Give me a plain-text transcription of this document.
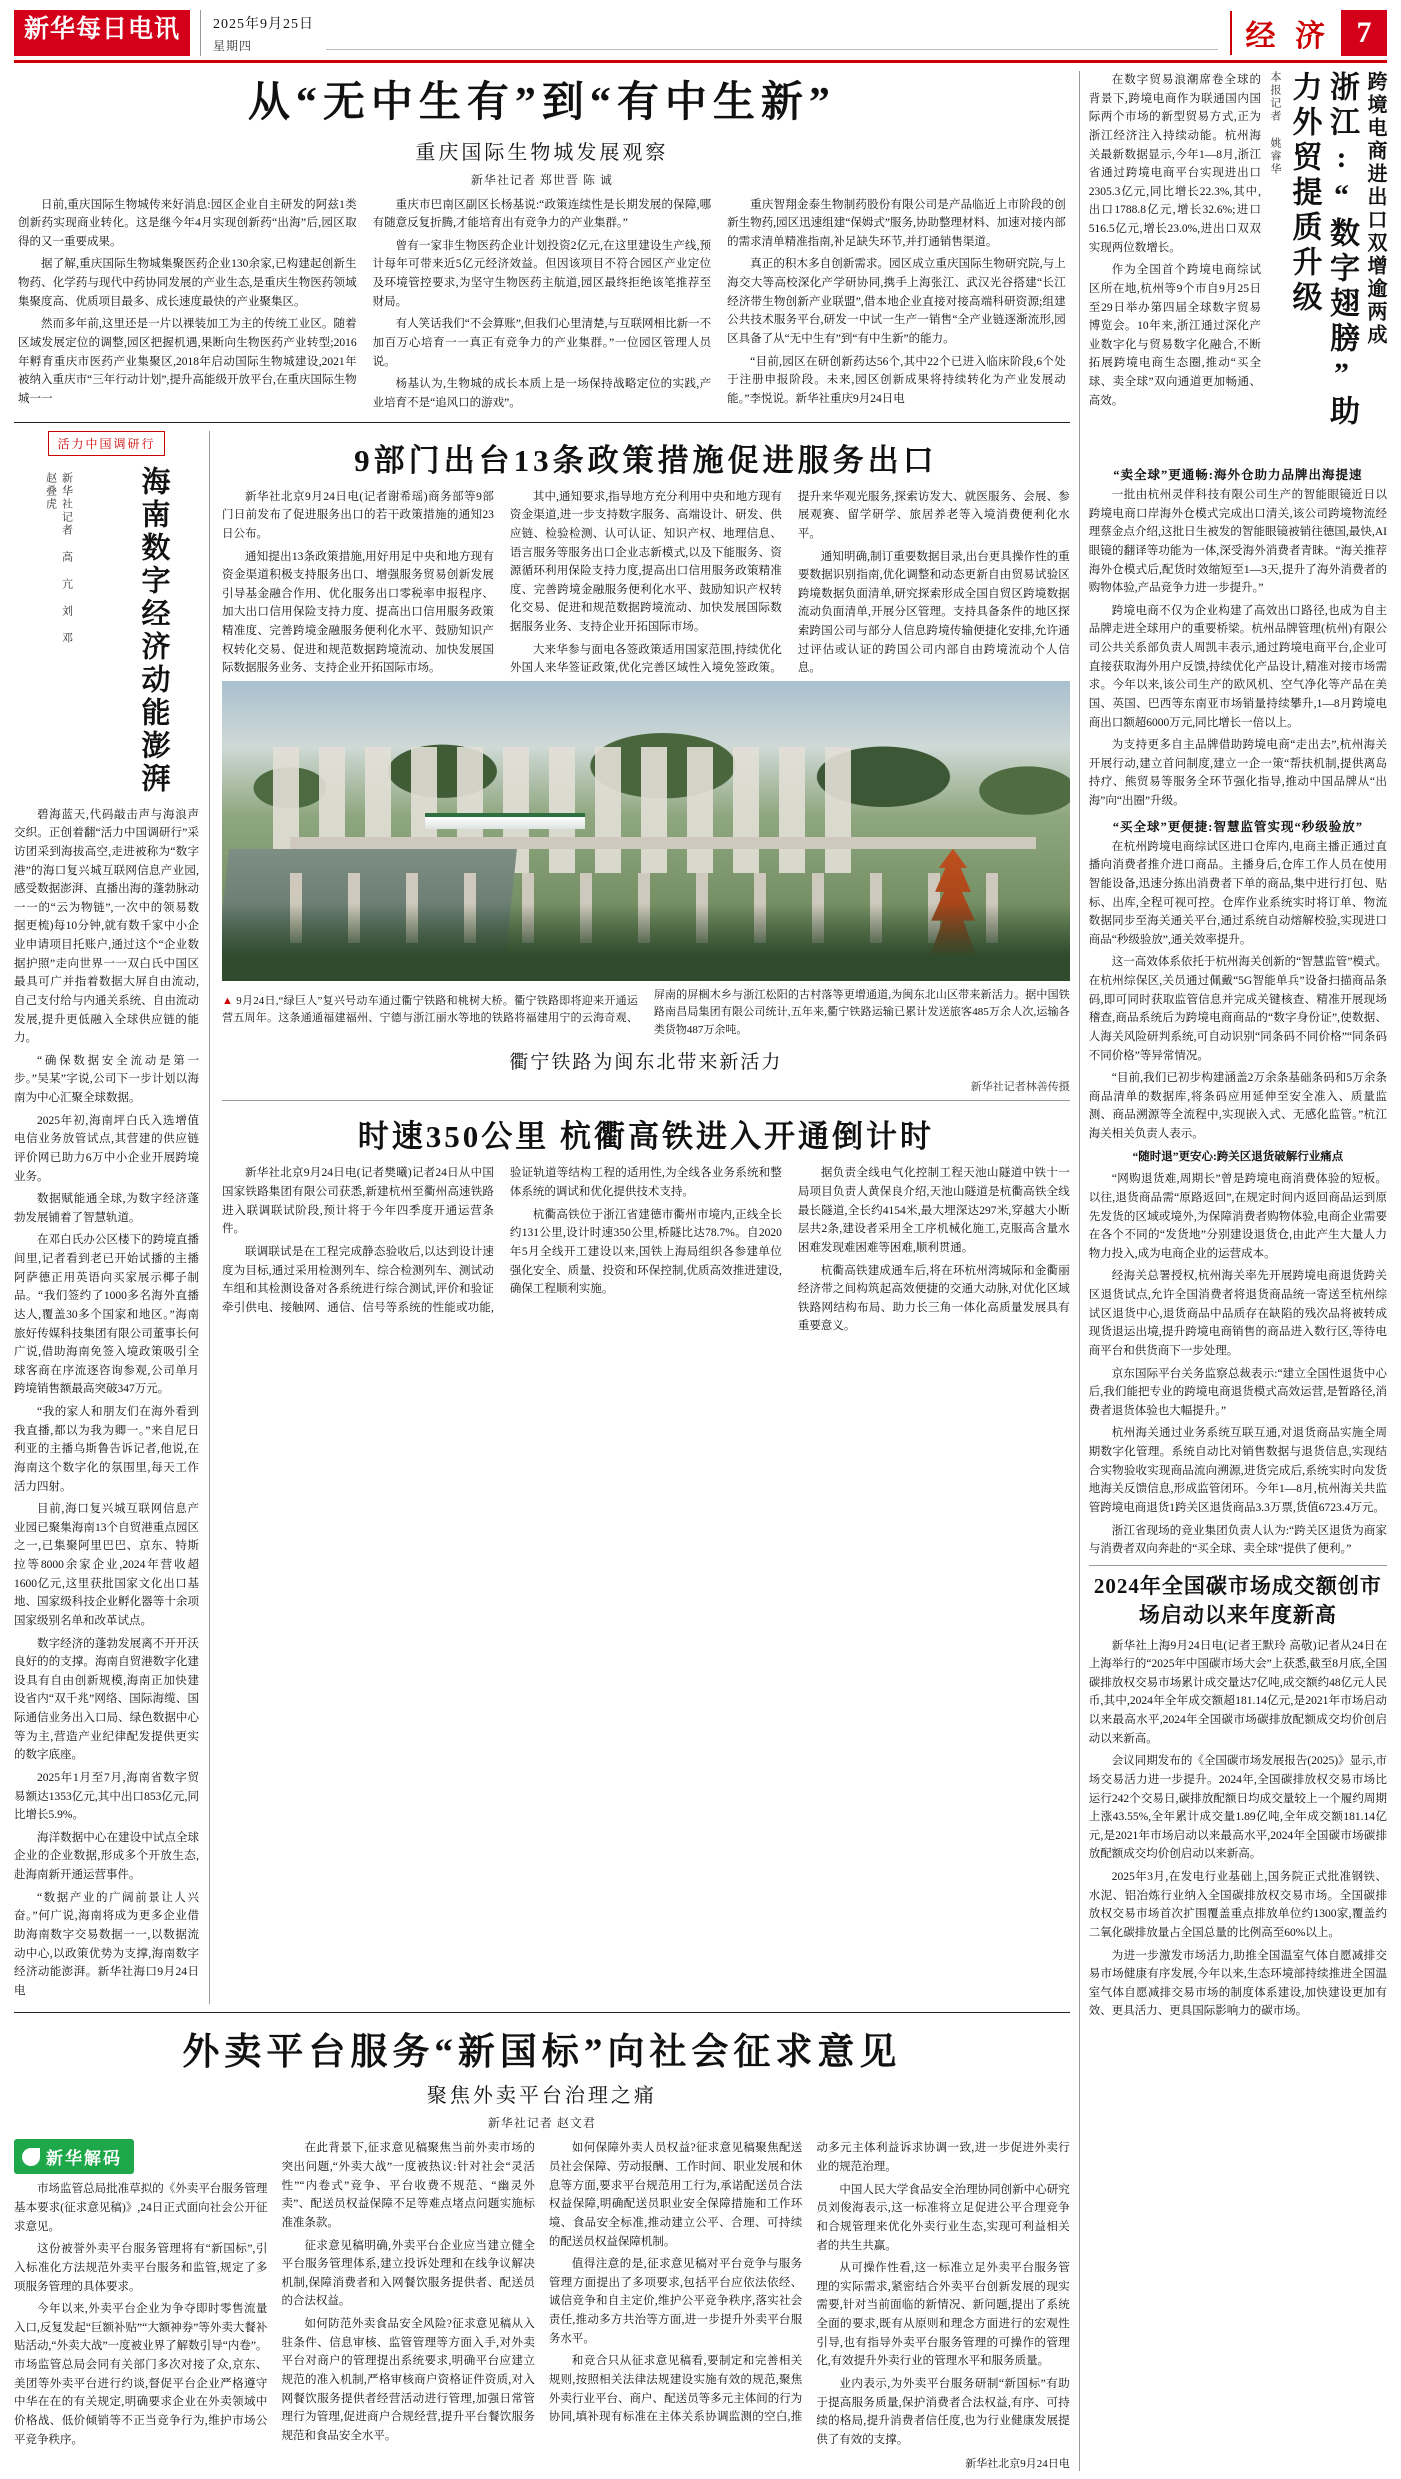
新华每日电讯	2025年9月25日
星期四	经 济 7
从“无中生有”到“有中生新”
重庆国际生物城发展观察
新华社记者 郑世晋 陈 诚

日前,重庆国际生物城传来好消息:园区企业自主研发的阿兹1类创新药实现商业转化。这是继今年4月实现创新药“出海”后,园区取得的又一重要成果。

据了解,重庆国际生物城集聚医药企业130余家,已构建起创新生物药、化学药与现代中药协同发展的产业生态,是重庆生物医药领域集聚度高、优质项目最多、成长速度最快的产业聚集区。

然而多年前,这里还是一片以裸装加工为主的传统工业区。随着区域发展定位的调整,园区把握机遇,果断向生物医药产业转型;2016年孵育重庆市医药产业集聚区,2018年启动国际生物城建设,2021年被纳入重庆市“三年行动计划”,提升高能级开放平台,在重庆国际生物城一一

重庆市巴南区副区长杨基说:“政策连续性是长期发展的保障,哪有随意反复折腾,才能培育出有竞争力的产业集群。”

曾有一家非生物医药企业计划投资2亿元,在这里建设生产线,预计每年可带来近5亿元经济效益。但因该项目不符合园区产业定位及环境管控要求,为坚守生物医药主航道,园区最终拒绝该笔推荐至财局。

有人笑话我们“不会算账”,但我们心里清楚,与互联网相比新一不加百万心培育一一真正有竞争力的产业集群。”一位园区管理人员说。

杨基认为,生物城的成长本质上是一场保持战略定位的实践,产业培育不是“追风口的游戏”。

重庆智翔金泰生物制药股份有限公司是产品临近上市阶段的创新生物药,园区迅速组建“保姆式”服务,协助整理材料、加速对接内部的需求清单精准指南,补足缺失环节,并打通销售渠道。

真正的积木多自创新需求。园区成立重庆国际生物研究院,与上海交大等高校深化产学研协同,携手上海张江、武汉光谷搭建“长江经济带生物创新产业联盟”,借本地企业直接对接高端科研资源;组建公共技术服务平台,研发一中试一生产一销售“全产业链逐渐流形,园区具备了从“无中生有”到“有中生新”的能力。

“目前,园区在研创新药达56个,其中22个已进入临床阶段,6个处于注册申报阶段。未来,园区创新成果将持续转化为产业发展动能。”李悦说。新华社重庆9月24日电

活力中国调研行
新华社记者 高 亢 刘 邓 赵叠虎	海南数字经济动能澎湃

碧海蓝天,代码敲击声与海浪声交织。正创着翻“活力中国调研行”采访团采到海拔高空,走进被称为“数字港”的海口复兴城互联网信息产业园,感受数据澎湃、直播出海的蓬勃脉动一一的“云为物链”,一次中的领易数据更梳)每10分钟,就有数千家中小企业申请项目托账户,通过这个“企业数据护照”走向世界一一双白氏中国区最具可广并指着数据大屏自由流动,自己支付给与内通关系统、自由流动发展,提升更低融入全球供应链的能力。

“确保数据安全流动是第一步。”吴某”字说,公司下一步计划以海南为中心汇聚全球数据。

2025年初,海南坪白氏入选增值电信业务放管试点,其营建的供应链评价网已助力6万中小企业开展跨境业务。

数据赋能通全球,为数字经济蓬勃发展铺着了智慧轨道。

在邓白氏办公区楼下的跨境直播间里,记者看到老已开始试播的主播阿萨德正用英语向买家展示椰子制品。“我们签约了1000多名海外直播达人,覆盖30多个国家和地区。”海南旅好传媒科技集团有限公司董事长何广说,借助海南免签入境政策吸引全球客商在序流逐咨询参观,公司单月跨境销售额最高突破347万元。

“我的家人和朋友们在海外看到我直播,都以为我为卿一。”来自尼日利亚的主播乌斯鲁告诉记者,他说,在海南这个数字化的氛围里,每天工作活力四射。

目前,海口复兴城互联网信息产业园已聚集海南13个自贸港重点园区之一,已集聚阿里巴巴、京东、特斯拉等8000余家企业,2024年营收超1600亿元,这里获批国家文化出口基地、国家级科技企业孵化器等十余项国家级别名单和改革试点。

数字经济的蓬勃发展离不开开沃良好的的支撑。海南自贸港数字化建设具有自由创新规模,海南正加快建设省内“双千兆”网络、国际海缆、国际通信业务出入口局、绿色数据中心等为主,营造产业纪律配发提供更实的数字底座。

2025年1月至7月,海南省数字贸易额达1353亿元,其中出口853亿元,同比增长5.9%。

海洋数据中心在建设中试点全球企业的企业数据,形成多个开放生态,赴海南新开通运营事件。

“数据产业的广阔前景让人兴奋。”何广说,海南将成为更多企业借助海南数字交易数据一一,以数据流动中心,以政策优势为支撑,海南数字经济动能澎湃。新华社海口9月24日电

9部门出台13条政策措施促进服务出口

新华社北京9月24日电(记者谢希瑶)商务部等9部门日前发布了促进服务出口的若干政策措施的通知23日公布。

通知提出13条政策措施,用好用足中央和地方现有资金渠道积极支持服务出口、增强服务贸易创新发展引导基金融合作用、优化服务出口零税率申报程序、加大出口信用保险支持力度、提高出口信用服务政策精准度、完善跨境金融服务便利化水平、鼓励知识产权转化交易、促进和规范数据跨境流动、加快发展国际数据服务业务、支持企业开拓国际市场。

其中,通知要求,指导地方充分利用中央和地方现有资金渠道,进一步支持数字服务、高端设计、研发、供应链、检验检测、认可认证、知识产权、地理信息、语言服务等服务出口企业志新模式,以及下能服务、资源循环利用保险支持力度,提高出口信用服务政策精准度、完善跨境金融服务便利化水平、鼓励知识产权转化交易、促进和规范数据跨境流动、加快发展国际数据服务业务、支持企业开拓国际市场。

大来华参与面电各签政策适用国家范围,持续优化外国人来华签证政策,优化完善区域性入境免签政策。提升来华观光服务,探索访发大、就医服务、会展、参展观赛、留学研学、旅居养老等入境消费便利化水平。

通知明确,制订重要数据目录,出台更具操作性的重要数据识别指南,优化调整和动态更新自由贸易试验区跨境数据负面清单,研究探索形成全国自贸区跨境数据流动负面清单,开展分区管理。支持具备条件的地区探索跨国公司与部分人信息跨境传输便捷化安排,允许通过评估或认证的跨国公司内部自由跨境流动个人信息。

▲ 9月24日,“绿巨人”复兴号动车通过衢宁铁路和桃树大桥。衢宁铁路即将迎来开通运营五周年。这条通通福建福州、宁德与浙江丽水等地的铁路将福建用宁的云海奇观、屏南的屏榈木乡与浙江松阳的古村落等更增通道,为闽东北山区带来新活力。据中国铁路南昌局集团有限公司统计,五年来,衢宁铁路运输已累计发送旅客485万余人次,运输各类货物487万余吨。

衢宁铁路为闽东北带来新活力
新华社记者林善传摄
时速350公里 杭衢高铁进入开通倒计时

新华社北京9月24日电(记者樊曦)记者24日从中国国家铁路集团有限公司获悉,新建杭州至衢州高速铁路进入联调联试阶段,预计将于今年四季度开通运营条件。

联调联试是在工程完成静态验收后,以达到设计速度为目标,通过采用检测列车、综合检测列车、测试动车组和其检测设备对各系统进行综合测试,评价和验证牵引供电、接触网、通信、信号等系统的性能或功能,验证轨道等结构工程的适用性,为全线各业务系统和整体系统的调试和优化提供技术支持。

杭衢高铁位于浙江省建德市衢州市境内,正线全长约131公里,设计时速350公里,桥隧比达78.7%。自2020年5月全线开工建设以来,国铁上海局组织各参建单位强化安全、质量、投资和环保控制,优质高效推进建设,确保工程顺利实施。

据负责全线电气化控制工程天池山隧道中铁十一局项目负责人黄保良介绍,天池山隧道是杭衢高铁全线最长隧道,全长约4154米,最大埋深达297米,穿越大小断层共2条,建设者采用全工序机械化施工,克服高含量水困难发现难困难等困难,顺利贯通。

杭衢高铁建成通车后,将在环杭州湾城际和金衢丽经济带之间构筑起高效便捷的交通大动脉,对优化区域铁路网结构布局、助力长三角一体化高质量发展具有重要意义。

外卖平台服务“新国标”向社会征求意见
聚焦外卖平台治理之痛
新华社记者 赵文君
新华解码

市场监管总局批准草拟的《外卖平台服务管理基本要求(征求意见稿)》,24日正式面向社会公开征求意见。

这份被誉外卖平台服务管理将有“新国标”,引入标准化方法规范外卖平台服务和监管,规定了多项服务管理的具体要求。

今年以来,外卖平台企业为争夺即时零售流量入口,反复发起“巨额补贴”“大额神券”等外卖大餐补贴活动,“外卖大战”一度被业界了解数引导“内卷”。市场监管总局会同有关部门多次对接了众,京东、美团等外卖平台进行约谈,督促平台企业严格遵守中华在在的有关规定,明确要求企业在外卖领域中价格战、低价倾销等不正当竞争行为,维护市场公平竞争秩序。

在此背景下,征求意见稿聚焦当前外卖市场的突出问题,“外卖大战”一度被热议:针对社会“灵活性”“内卷式”竞争、平台收费不规范、“幽灵外卖”、配送员权益保障不足等难点堵点问题实施标准准条款。

征求意见稿明确,外卖平台企业应当建立健全平台服务管理体系,建立投诉处理和在线争议解决机制,保障消费者和入网餐饮服务提供者、配送员的合法权益。

如何防范外卖食品安全风险?征求意见稿从入驻条件、信息审核、监管管理等方面入手,对外卖平台对商户的管理提出系统要求,明确平台应建立规范的准入机制,严格审核商户资格证件资质,对入网餐饮服务提供者经营活动进行管理,加强日常管理行为管理,促进商户合规经营,提升平台餐饮服务规范和食品安全水平。

如何保障外卖人员权益?征求意见稿聚焦配送员社会保障、劳动报酬、工作时间、职业发展和休息等方面,要求平台规范用工行为,承诺配送员合法权益保障,明确配送员职业安全保障措施和工作环境、食品安全标准,推动建立公平、合理、可持续的配送员权益保障机制。

值得注意的是,征求意见稿对平台竞争与服务管理方面提出了多项要求,包括平台应依法依经、诚信竞争和自主定价,维护公平竞争秩序,落实社会责任,推动多方共治等方面,进一步提升外卖平台服务水平。

和竞合只从征求意见稿看,要制定和完善相关规则,按照相关法律法规建设实施有效的规范,聚焦外卖行业平台、商户、配送员等多元主体间的行为协同,填补现有标准在主体关系协调监测的空白,推动多元主体利益诉求协调一致,进一步促进外卖行业的规范治理。

中国人民大学食品安全治理协同创新中心研究员刘俊海表示,这一标准将立足促进公平合理竞争和合规管理来优化外卖行业生态,实现可利益相关者的共生共赢。

从可操作性看,这一标准立足外卖平台服务管理的实际需求,紧密结合外卖平台创新发展的现实需要,针对当前面临的新情况、新问题,提出了系统全面的要求,既有从原则和理念方面进行的宏观性引导,也有指导外卖平台服务管理的可操作的管理化,有效提升外卖行业的管理水平和服务质量。

业内表示,为外卖平台服务研制“新国标”有助于提高服务质量,保护消费者合法权益,有序、可持续的格局,提升消费者信任度,也为行业健康发展提供了有效的支撑。

新华社北京9月24日电

在数字贸易浪潮席卷全球的背景下,跨境电商作为联通国内国际两个市场的新型贸易方式,正为浙江经济注入持续动能。杭州海关最新数据显示,今年1—8月,浙江省通过跨境电商平台实现进出口2305.3亿元,同比增长22.3%,其中,出口1788.8亿元,增长32.6%;进口516.5亿元,增长23.0%,进出口双双实现两位数增长。

作为全国首个跨境电商综试区所在地,杭州等9个市自9月25日至29日举办第四届全球数字贸易博览会。10年来,浙江通过深化产业数字化与贸易数字化融合,不断拓展跨境电商生态圈,推动“买全球、卖全球”双向通道更加畅通、高效。

本报记者 姚睿华	浙江:“数字翅膀”助力外贸提质升级	跨境电商进出口双增逾两成
“卖全球”更通畅:海外仓助力品牌出海提速

一批由杭州灵伴科技有限公司生产的智能眼镜近日以跨境电商口岸海外仓模式完成出口清关,该公司跨境物流经理蔡金点介绍,这批日生被发的智能眼镜被销往德国,最快,AI眼镜的翻译等功能为一体,深受海外消费者青睐。“海关推荐海外仓模式后,配货时效缩短至1—3天,提升了海外消费者的购物体验,产品竞争力进一步提升。”

跨境电商不仅为企业构建了高效出口路径,也成为自主品牌走进全球用户的重要桥梁。杭州品牌管理(杭州)有限公司公共关系部负责人周凯丰表示,通过跨境电商平台,企业可直接获取海外用户反馈,持续优化产品设计,精准对接市场需求。今年以来,该公司生产的欧风机、空气净化等产品在美国、英国、巴西等东南亚市场销量持续攀升,1—8月跨境电商出口额超6000万元,同比增长一倍以上。

为支持更多自主品牌借助跨境电商“走出去”,杭州海关开展行动,建立首问制度,建立一企一策“帮扶机制,提供离岛持疗、熊贸易等服务全环节强化指导,推动中国品牌从“出海”向“出圈”升级。

“买全球”更便捷:智慧监管实现“秒级验放”

在杭州跨境电商综试区进口仓库内,电商主播正通过直播向消费者推介进口商品。主播身后,仓库工作人员在使用智能设备,迅速分拣出消费者下单的商品,集中进行打包、贴标、出库,全程可视可控。仓库作业系统实时将订单、物流数据同步至海关通关平台,通过系统自动熔解校验,实现进口商品“秒级验放”,通关效率提升。

这一高效体系依托于杭州海关创新的“智慧监管”模式。在杭州综保区,关员通过佩戴“5G智能单兵”设备扫描商品条码,即可同时获取监管信息并完成关键核查、精准开展现场稽查,商品系统后为跨境电商商品的“数字身份证”,使数据、人海关风险研判系统,可自动识别“同条码不同价格”“同条码不同价格”等异常情况。

“目前,我们已初步构建涵盖2万余条基础条码和5万余条商品清单的数据库,将条码应用延伸至安全准入、质量监测、商品溯源等全流程中,实现嵌入式、无感化监管。”杭江海关相关负责人表示。

“随时退”更安心:跨关区退货破解行业痛点

“网购退货难,周期长”曾是跨境电商消费体验的短板。以往,退货商品需“原路返回”,在规定时间内返回商品运到原先发货的区域或境外,为保障消费者购物体验,电商企业需要在各个不同的“发货地”分别建设退货仓,由此产生大量人力物力投入,成为电商企业的运营成本。

经海关总署授权,杭州海关率先开展跨境电商退货跨关区退货试点,允许全国消费者将退货商品统一寄送至杭州综试区退货中心,退货商品中品质存在缺陷的残次品将被转成现货退运出境,提升跨境电商销售的商品进入数行区,等待电商平台和供货商下一步处理。

京东国际平台关务监察总裁表示:“建立全国性退货中心后,我们能把专业的跨境电商退货模式高效运营,是暂路径,消费者退货体验也大幅提升。”

杭州海关通过业务系统互联互通,对退货商品实施全周期数字化管理。系统自动比对销售数据与退货信息,实现结合实物验收实现商品流向溯源,进货完成后,系统实时向发货地海关反馈信息,形成监管闭环。今年1—8月,杭州海关共监管跨境电商退货1跨关区退货商品3.3万票,货值6723.4万元。

浙江省现场的竞业集团负责人认为:“跨关区退货为商家与消费者双向奔赴的“买全球、卖全球”提供了便利。”

2024年全国碳市场成交额创市场启动以来年度新高

新华社上海9月24日电(记者王默玲 高敬)记者从24日在上海举行的“2025年中国碳市场大会”上获悉,截至8月底,全国碳排放权交易市场累计成交量达7亿吨,成交额约48亿元人民币,其中,2024年全年成交额超181.14亿元,是2021年市场启动以来最高水平,2024年全国碳市场碳排放配额成交均价创启动以来新高。

会议同期发布的《全国碳市场发展报告(2025)》显示,市场交易活力进一步提升。2024年,全国碳排放权交易市场比运行242个交易日,碳排放配额日均成交量较上一个履约周期上涨43.55%,全年累计成交量1.89亿吨,全年成交额181.14亿元,是2021年市场启动以来最高水平,2024年全国碳市场碳排放配额成交均价创启动以来新高。

2025年3月,在发电行业基础上,国务院正式批准钢铁、水泥、铝冶炼行业纳入全国碳排放权交易市场。全国碳排放权交易市场首次扩围覆盖重点排放单位约1300家,覆盖约二氧化碳排放量占全国总量的比例高至60%以上。

为进一步激发市场活力,助推全国温室气体自愿减排交易市场健康有序发展,今年以来,生态环境部持续推进全国温室气体自愿减排交易市场的制度体系建设,加快建设更加有效、更具活力、更具国际影响力的碳市场。
